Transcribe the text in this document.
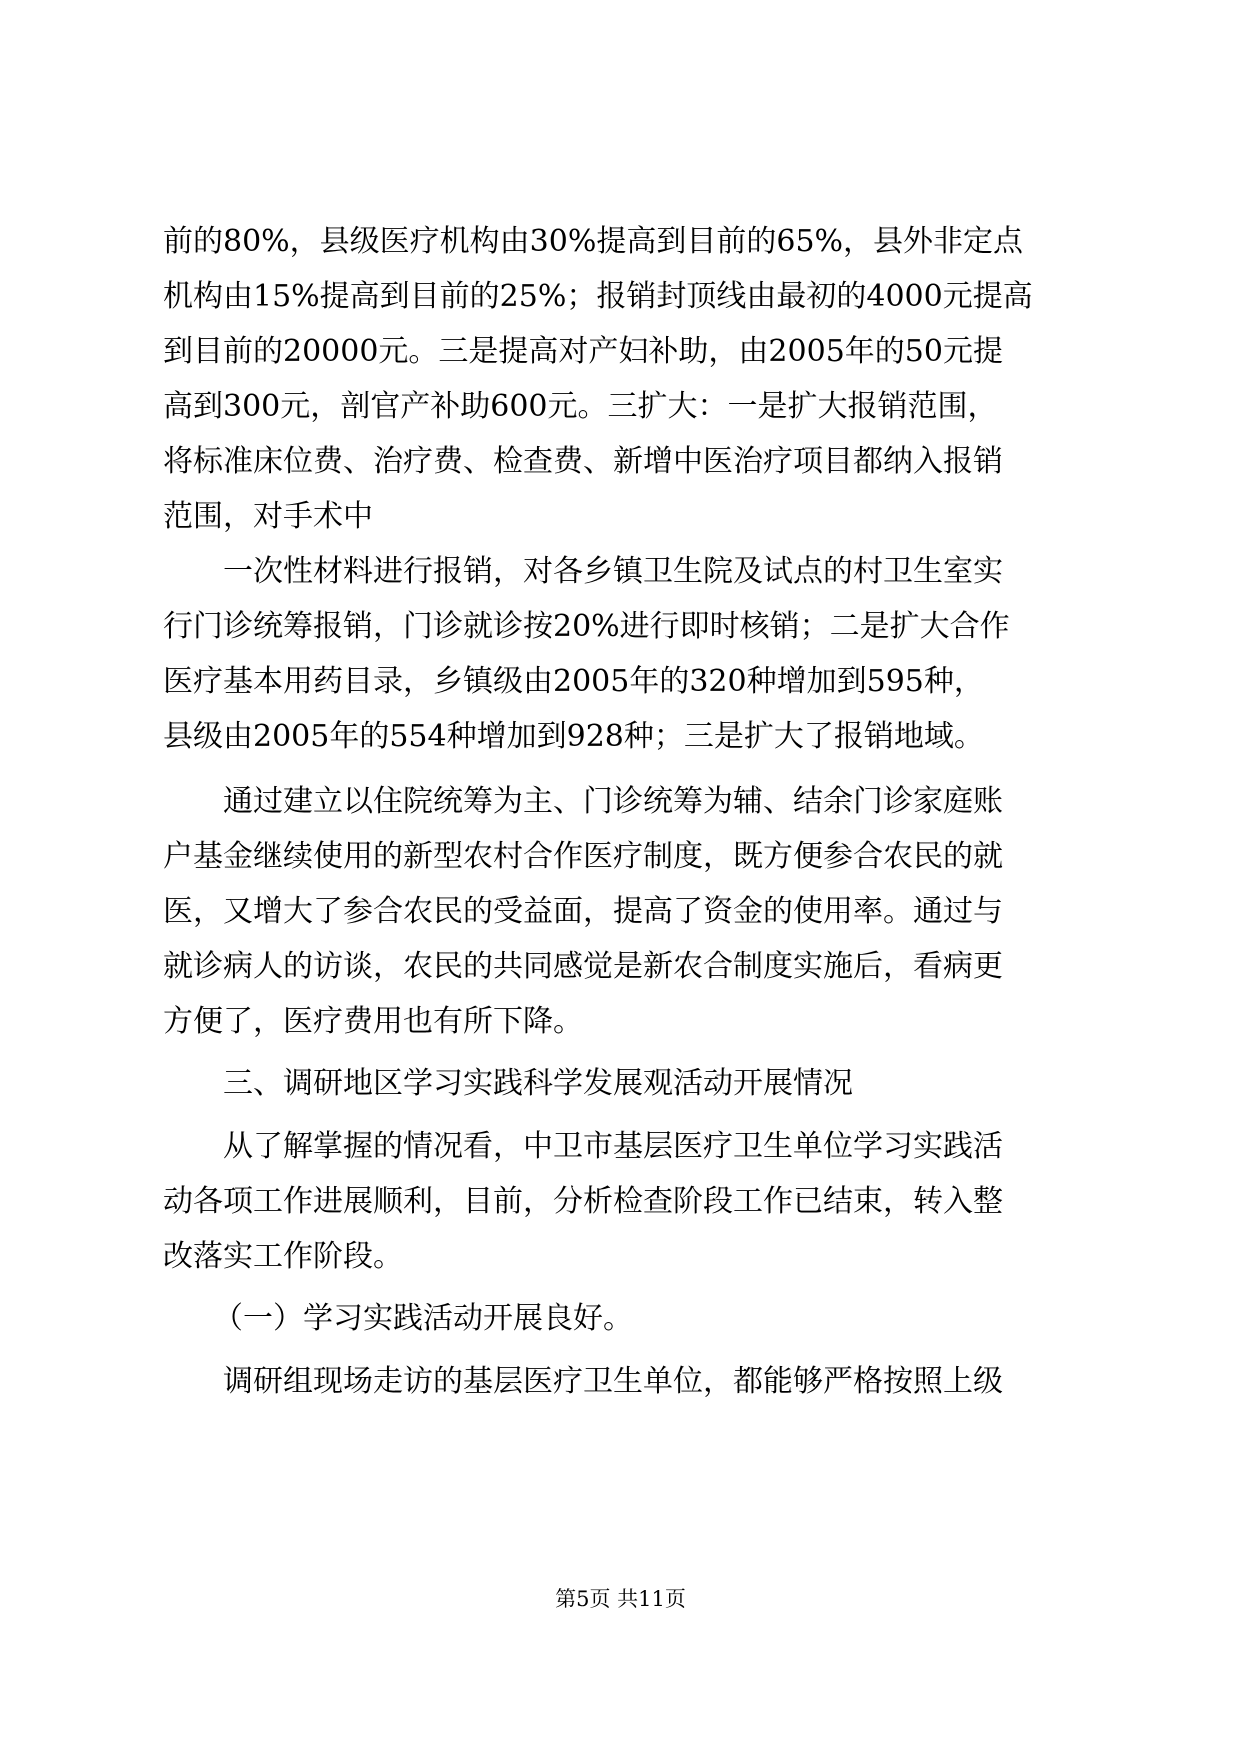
前的80%，县级医疗机构由30%提高到目前的65%，县外非定点
机构由15%提高到目前的25%；报销封顶线由最初的4000元提高
到目前的20000元。三是提高对产妇补助，由2005年的50元提
高到300元，剖官产补助600元。三扩大：一是扩大报销范围，
将标准床位费、治疗费、检查费、新增中医治疗项目都纳入报销
范围，对手术中
一次性材料进行报销，对各乡镇卫生院及试点的村卫生室实
行门诊统筹报销，门诊就诊按20%进行即时核销；二是扩大合作
医疗基本用药目录，乡镇级由2005年的320种增加到595种，
县级由2005年的554种增加到928种；三是扩大了报销地域。
通过建立以住院统筹为主、门诊统筹为辅、结余门诊家庭账
户基金继续使用的新型农村合作医疗制度，既方便参合农民的就
医，又增大了参合农民的受益面，提高了资金的使用率。通过与
就诊病人的访谈，农民的共同感觉是新农合制度实施后，看病更
方便了，医疗费用也有所下降。
三、调研地区学习实践科学发展观活动开展情况
从了解掌握的情况看，中卫市基层医疗卫生单位学习实践活
动各项工作进展顺利，目前，分析检查阶段工作已结束，转入整
改落实工作阶段。
（一）学习实践活动开展良好。
调研组现场走访的基层医疗卫生单位，都能够严格按照上级
第5页 共11页
